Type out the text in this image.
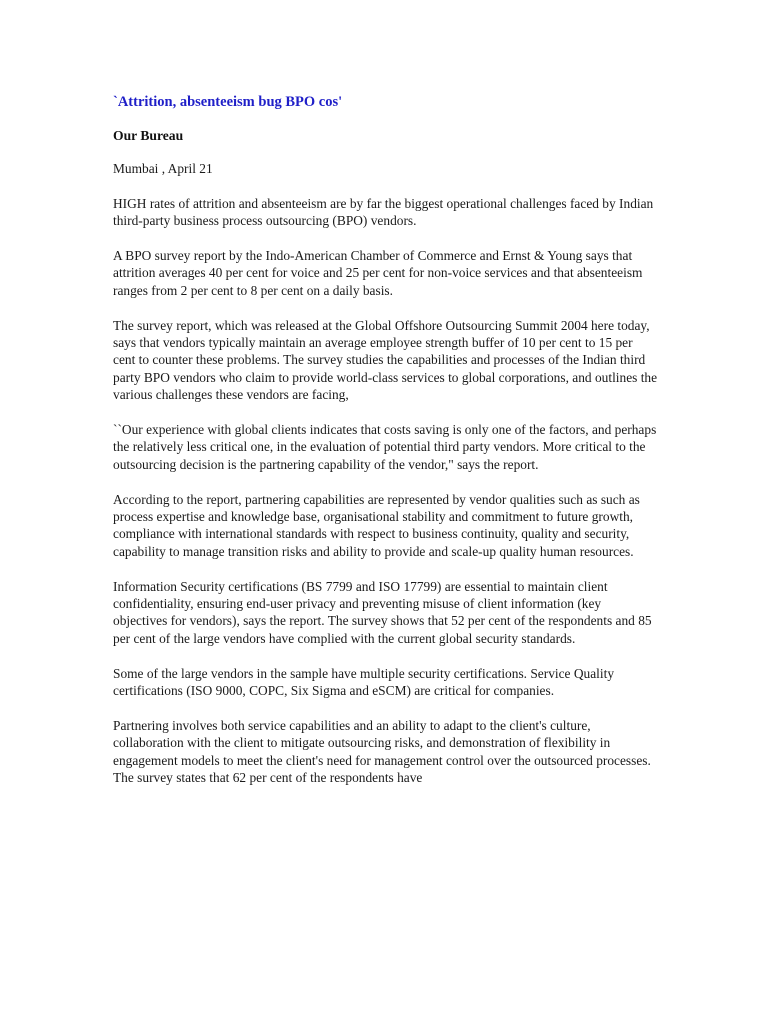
`Attrition, absenteeism bug BPO cos'

Our Bureau

Mumbai , April 21

HIGH rates of attrition and absenteeism are by far the biggest operational challenges faced by Indian third-party business process outsourcing (BPO) vendors.

A BPO survey report by the Indo-American Chamber of Commerce and Ernst & Young says that attrition averages 40 per cent for voice and 25 per cent for non-voice services and that absenteeism ranges from 2 per cent to 8 per cent on a daily basis.

The survey report, which was released at the Global Offshore Outsourcing Summit 2004 here today, says that vendors typically maintain an average employee strength buffer of 10 per cent to 15 per cent to counter these problems. The survey studies the capabilities and processes of the Indian third party BPO vendors who claim to provide world-class services to global corporations, and outlines the various challenges these vendors are facing,

``Our experience with global clients indicates that costs saving is only one of the factors, and perhaps the relatively less critical one, in the evaluation of potential third party vendors. More critical to the outsourcing decision is the partnering capability of the vendor," says the report.

According to the report, partnering capabilities are represented by vendor qualities such as such as process expertise and knowledge base, organisational stability and commitment to future growth, compliance with international standards with respect to business continuity, quality and security, capability to manage transition risks and ability to provide and scale-up quality human resources.

Information Security certifications (BS 7799 and ISO 17799) are essential to maintain client confidentiality, ensuring end-user privacy and preventing misuse of client information (key objectives for vendors), says the report. The survey shows that 52 per cent of the respondents and 85 per cent of the large vendors have complied with the current global security standards.

Some of the large vendors in the sample have multiple security certifications. Service Quality certifications (ISO 9000, COPC, Six Sigma and eSCM) are critical for companies.

Partnering involves both service capabilities and an ability to adapt to the client's culture, collaboration with the client to mitigate outsourcing risks, and demonstration of flexibility in engagement models to meet the client's need for management control over the outsourced processes. The survey states that 62 per cent of the respondents have
